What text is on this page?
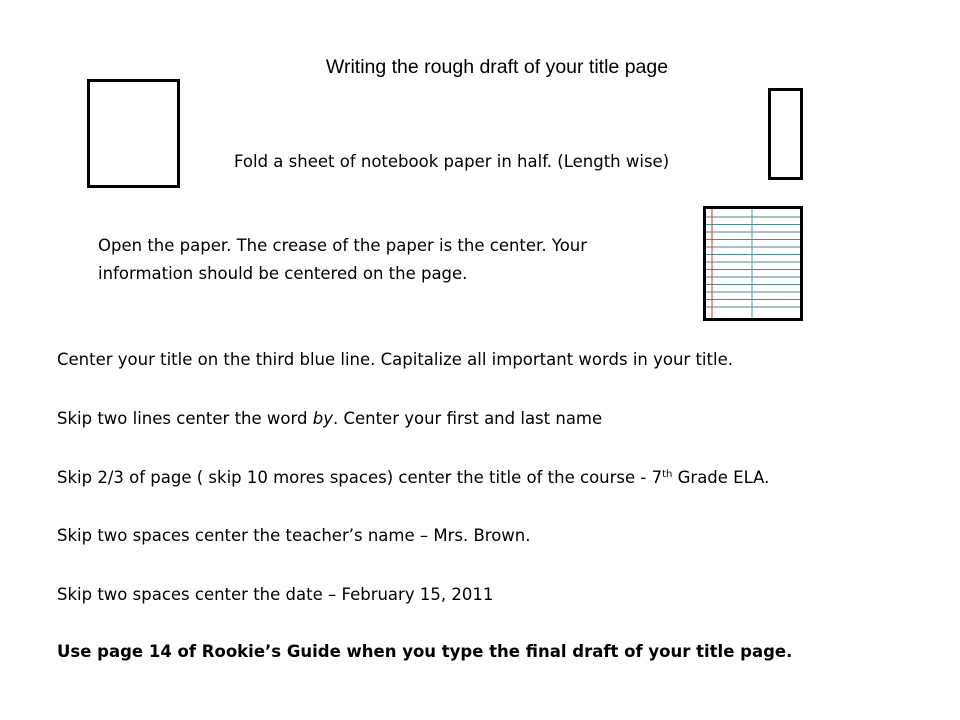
Writing the rough draft of your title page
Fold a sheet of notebook paper in half. (Length wise)
Open the paper. The crease of the paper is the center. Your
information should be centered on the page.
Center your title on the third blue line. Capitalize all important words in your title.
Skip two lines center the word by. Center your first and last name
Skip 2/3 of page ( skip 10 mores spaces) center the title of the course - 7th Grade ELA.
Skip two spaces center the teacher’s name – Mrs. Brown.
Skip two spaces center the date – February 15, 2011
Use page 14 of Rookie’s Guide when you type the final draft of your title page.
